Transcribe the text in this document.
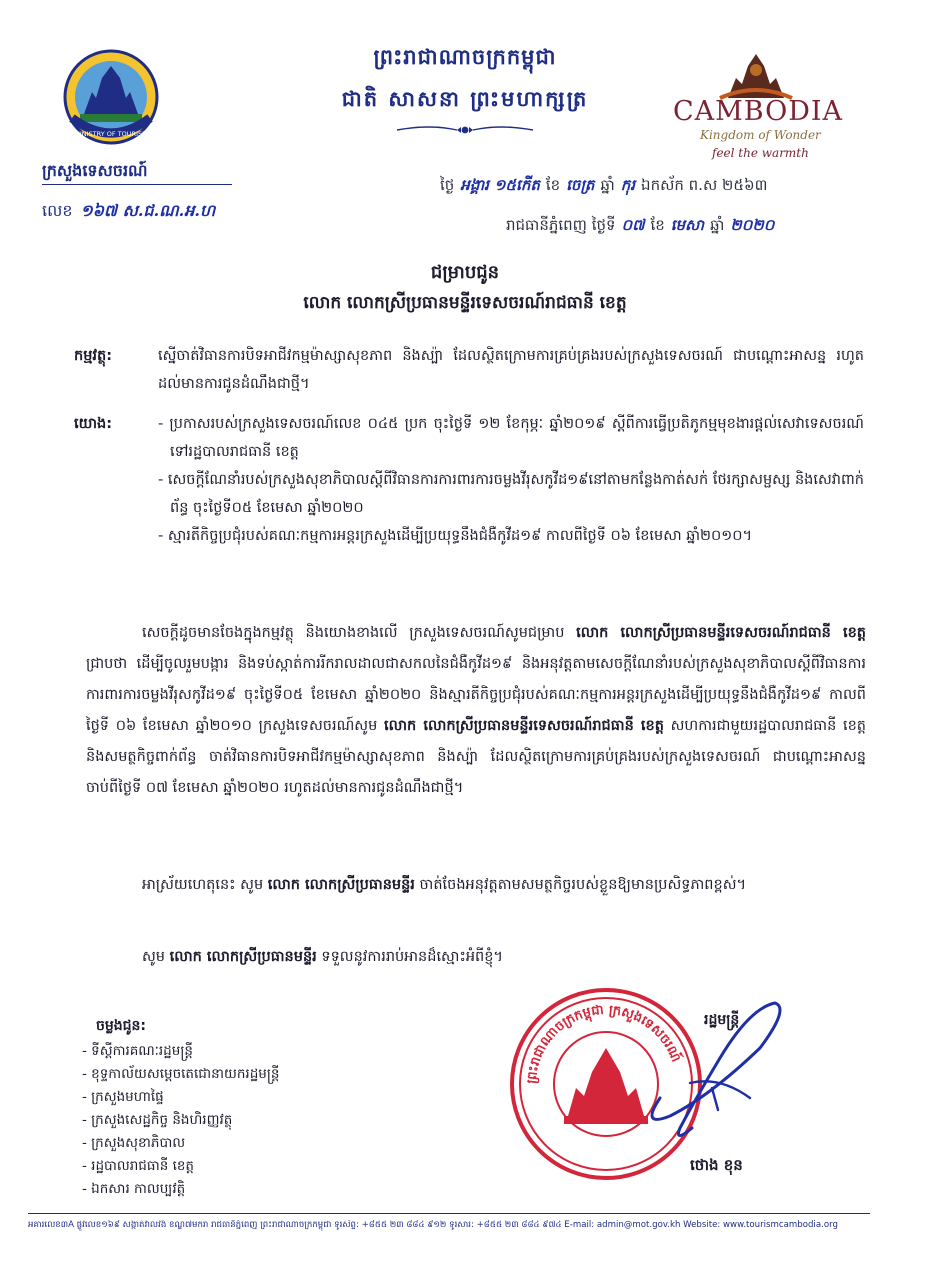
MINISTRY OF TOURISM
ព្រះរាជាណាចក្រកម្ពុជា
ជាតិ សាសនា ព្រះមហាក្សត្រ	CAMBODIA
Kingdom of Wonder
feel the warmth
ក្រសួងទេសចរណ៍
លេខ ១៦៧ ស.ជ.ណ.អ.ហ
ថ្ងៃ អង្គារ ១៥កើត ខែ ចេត្រ ឆ្នាំ កុរ ឯកស័ក ព.ស ២៥៦៣
រាជធានីភ្នំពេញ ថ្ងៃទី ០៧ ខែ មេសា ឆ្នាំ ២០២០
ជម្រាបជូន
លោក លោកស្រីប្រធានមន្ទីរទេសចរណ៍រាជធានី ខេត្ត
កម្មវត្ថុ:	ស្នើចាត់វិធានការបិទអាជីវកម្មម៉ាស្សាសុខភាព និងស្ប៉ា ដែលស្ថិតក្រោមការគ្រប់គ្រងរបស់ក្រសួងទេសចរណ៍ ជាបណ្ដោះអាសន្ន រហូតដល់មានការជូនដំណឹងជាថ្មី។
យោង:	- ប្រកាសរបស់ក្រសួងទេសចរណ៍លេខ ០៤៥ ប្រក ចុះថ្ងៃទី ១២ ខែកុម្ភៈ ឆ្នាំ២០១៩ ស្ដីពីការធ្វើប្រតិភូកម្មមុខងារផ្ដល់សេវាទេសចរណ៍ទៅរដ្ឋបាលរាជធានី ខេត្ត
- សេចក្ដីណែនាំរបស់ក្រសួងសុខាភិបាលស្ដីពីវិធានការការពារការចម្លងវីរុសកូវីដ១៩នៅតាមកន្លែងកាត់សក់ ថែរក្សាសម្ផស្ស និងសេវាពាក់ព័ន្ធ ចុះថ្ងៃទី០៥ ខែមេសា ឆ្នាំ២០២០
- ស្មារតីកិច្ចប្រជុំរបស់គណៈកម្មការអន្តរក្រសួងដើម្បីប្រយុទ្ធនឹងជំងឺកូវីដ១៩ កាលពីថ្ងៃទី ០៦ ខែមេសា ឆ្នាំ២០១០។
សេចក្ដីដូចមានចែងក្នុងកម្មវត្ថុ និងយោងខាងលើ ក្រសួងទេសចរណ៍សូមជម្រាប លោក លោកស្រីប្រធានមន្ទីរទេសចរណ៍រាជធានី ខេត្ត ជ្រាបថា ដើម្បីចូលរួមបង្ការ និងទប់ស្កាត់ការរីករាលដាលជាសកលនៃជំងឺកូវីដ១៩ និងអនុវត្តតាមសេចក្ដីណែនាំរបស់ក្រសួងសុខាភិបាលស្ដីពីវិធានការការពារការចម្លងវីរុសកូវីដ១៩ ចុះថ្ងៃទី០៥ ខែមេសា ឆ្នាំ២០២០ និងស្មារតីកិច្ចប្រជុំរបស់គណៈកម្មការអន្តរក្រសួងដើម្បីប្រយុទ្ធនឹងជំងឺកូវីដ១៩ កាលពីថ្ងៃទី ០៦ ខែមេសា ឆ្នាំ២០១០ ក្រសួងទេសចរណ៍សូម លោក លោកស្រីប្រធានមន្ទីរទេសចរណ៍រាជធានី ខេត្ត សហការជាមួយរដ្ឋបាលរាជធានី ខេត្ត និងសមត្ថកិច្ចពាក់ព័ន្ធ ចាត់វិធានការបិទអាជីវកម្មម៉ាស្សាសុខភាព និងស្ប៉ា ដែលស្ថិតក្រោមការគ្រប់គ្រងរបស់ក្រសួងទេសចរណ៍ ជាបណ្ដោះអាសន្ន ចាប់ពីថ្ងៃទី ០៧ ខែមេសា ឆ្នាំ២០២០ រហូតដល់មានការជូនដំណឹងជាថ្មី។
អាស្រ័យហេតុនេះ សូម លោក លោកស្រីប្រធានមន្ទីរ ចាត់ចែងអនុវត្តតាមសមត្ថកិច្ចរបស់ខ្លួនឱ្យមានប្រសិទ្ធភាពខ្ពស់។
សូម លោក លោកស្រីប្រធានមន្ទីរ ទទួលនូវការរាប់អានដ៏ស្មោះអំពីខ្ញុំ។
ចម្លងជូន:
- ទីស្ដីការគណៈរដ្ឋមន្ត្រី
- ខុទ្ទកាល័យសម្ដេចតេជោនាយករដ្ឋមន្ត្រី
- ក្រសួងមហាផ្ទៃ
- ក្រសួងសេដ្ឋកិច្ច និងហិរញ្ញវត្ថុ
- ក្រសួងសុខាភិបាល
- រដ្ឋបាលរាជធានី ខេត្ត
- ឯកសារ កាលប្បវត្តិ
ព្រះរាជាណាចក្រកម្ពុជា ក្រសួងទេសចរណ៍
រដ្ឋមន្ត្រី
ថោង ខុន
អគារលេខ៣A ផ្លូវលេខ១៦៩ សង្កាត់វាលវង់ ខណ្ឌ៧មករា រាជធានីភ្នំពេញ ព្រះរាជាណាចក្រកម្ពុជា ទូរស័ព្ទ: +៨៥៥ ២៣ ៨៨៤ ៩១២ ទូរសារ: +៨៥៥ ២៣ ៨៨៤ ៩៧៤ E-mail: admin@mot.gov.kh Website: www.tourismcambodia.org
